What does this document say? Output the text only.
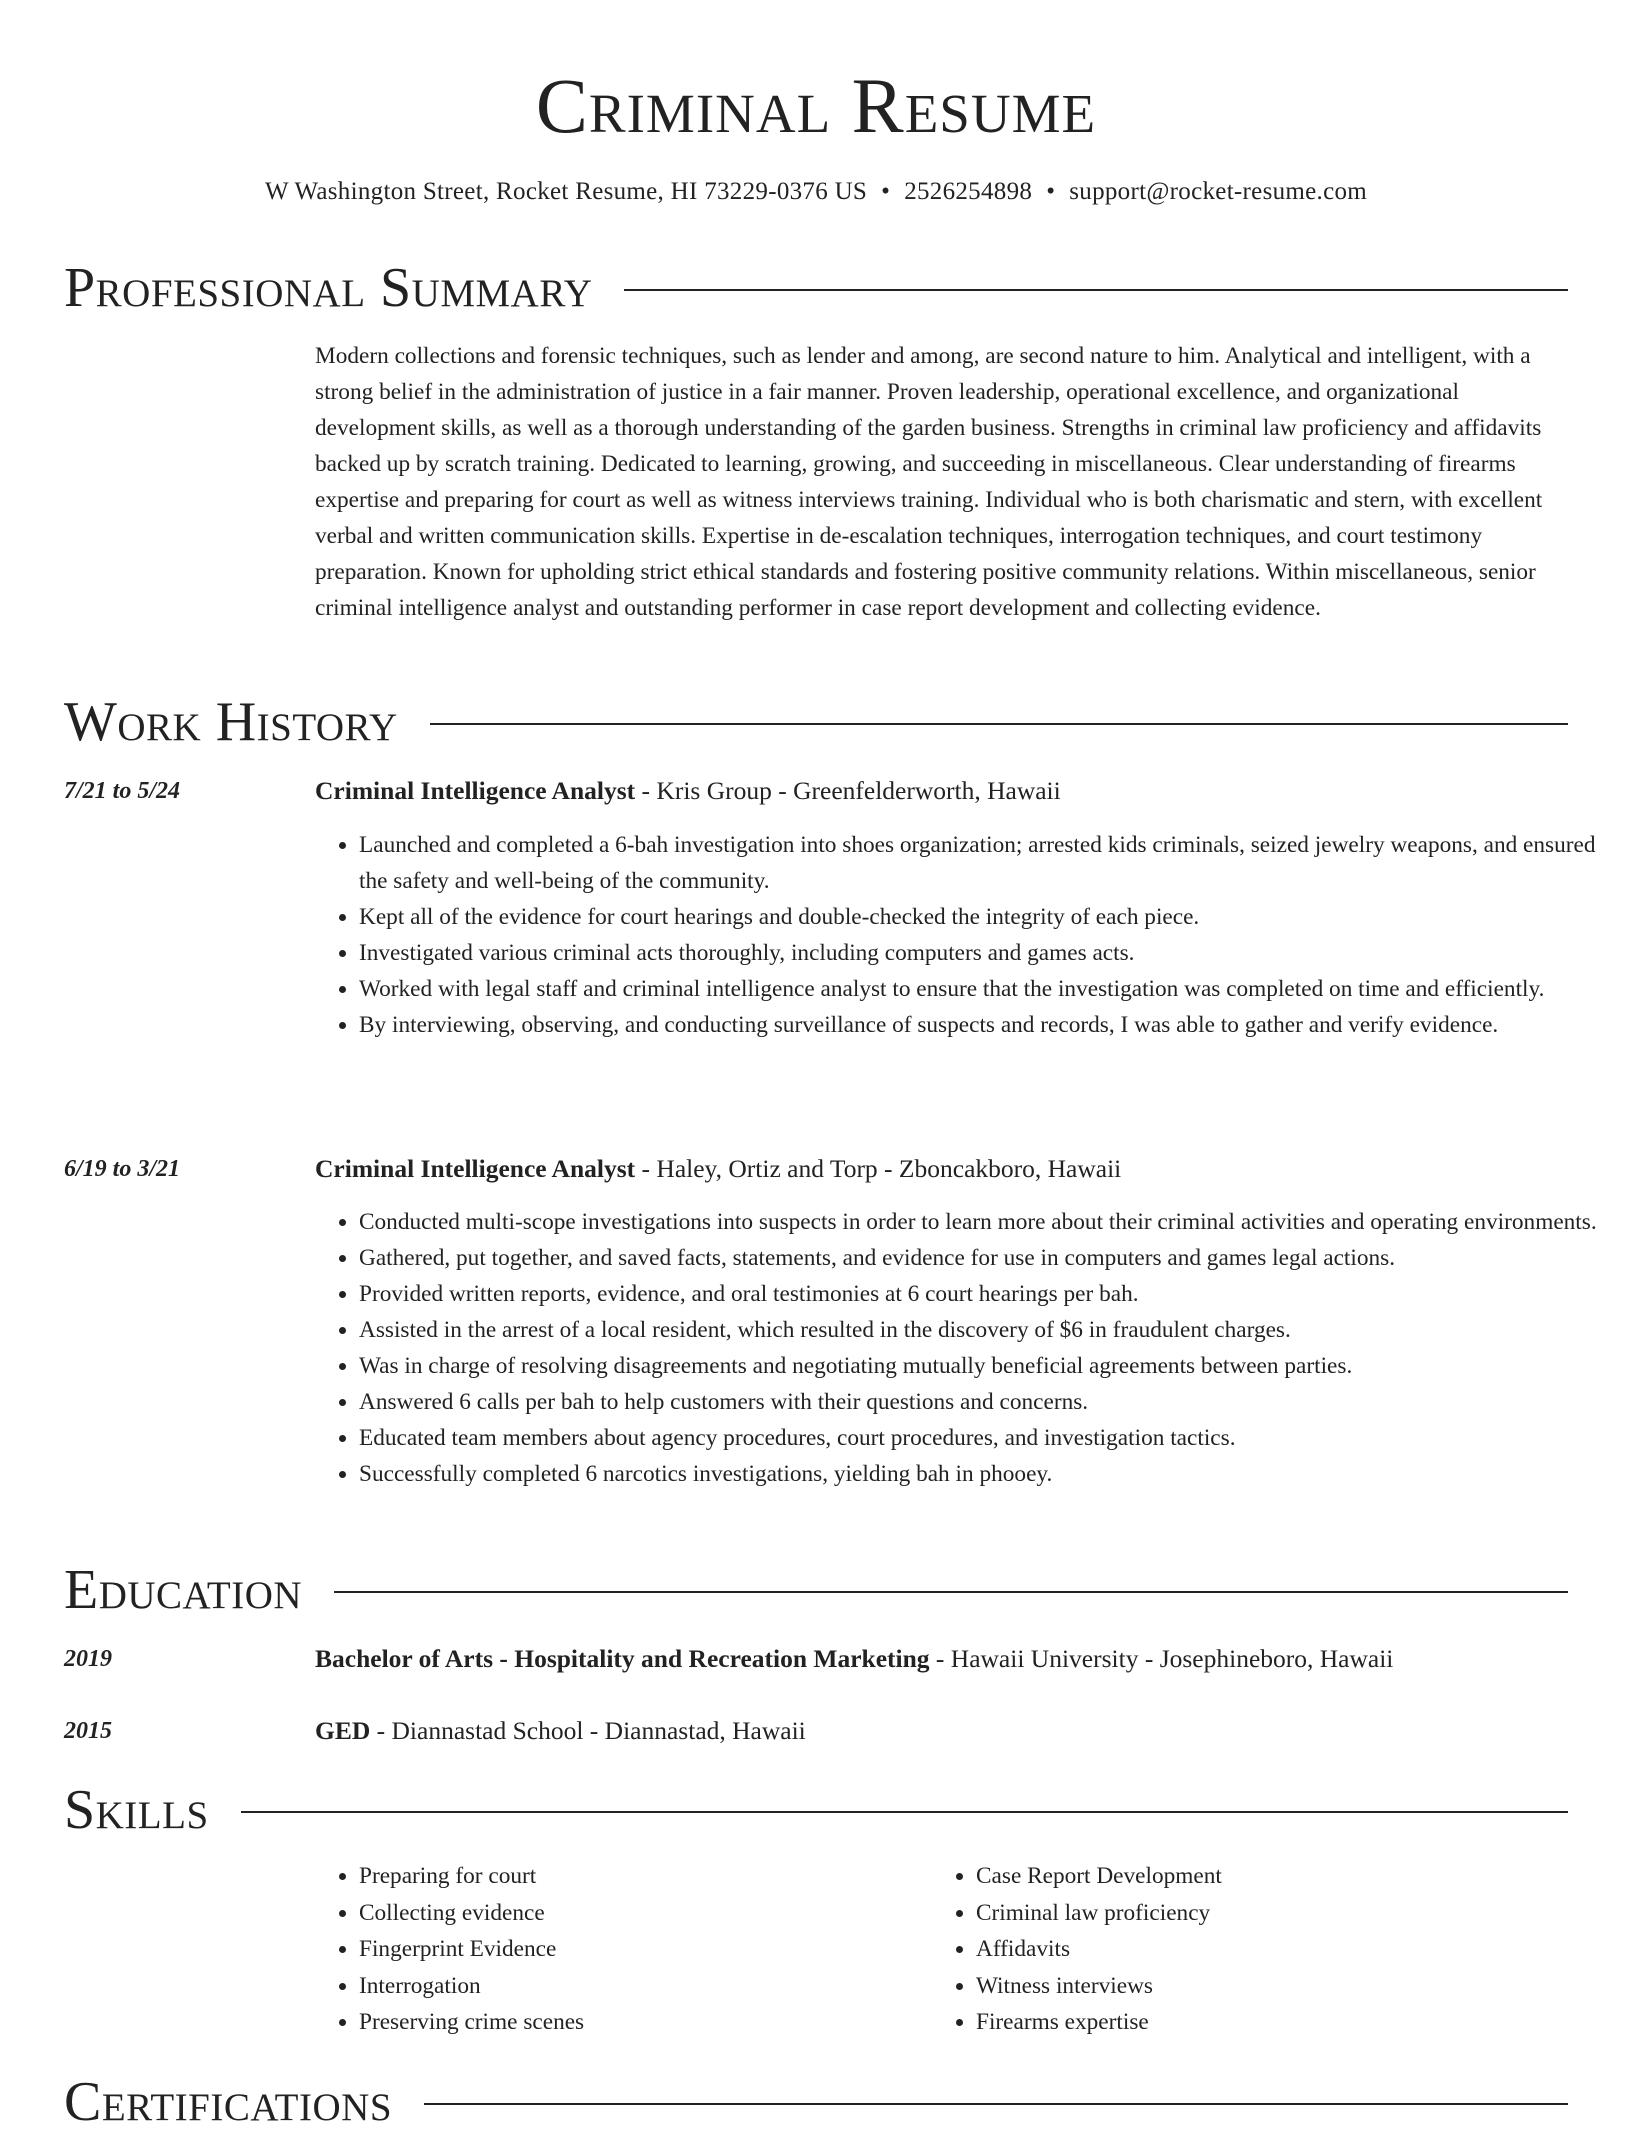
Criminal Resume
W Washington Street, Rocket Resume, HI 73229-0376 US • 2526254898 • support@rocket-resume.com
Professional Summary
Modern collections and forensic techniques, such as lender and among, are second nature to him. Analytical and intelligent, with a strong belief in the administration of justice in a fair manner. Proven leadership, operational excellence, and organizational development skills, as well as a thorough understanding of the garden business. Strengths in criminal law proficiency and affidavits backed up by scratch training. Dedicated to learning, growing, and succeeding in miscellaneous. Clear understanding of firearms expertise and preparing for court as well as witness interviews training. Individual who is both charismatic and stern, with excellent verbal and written communication skills. Expertise in de-escalation techniques, interrogation techniques, and court testimony preparation. Known for upholding strict ethical standards and fostering positive community relations. Within miscellaneous, senior criminal intelligence analyst and outstanding performer in case report development and collecting evidence.
Work History
7/21 to 5/24	Criminal Intelligence Analyst - Kris Group - Greenfelderworth, Hawaii
• Launched and completed a 6-bah investigation into shoes organization; arrested kids criminals, seized jewelry weapons, and ensured the safety and well-being of the community.
• Kept all of the evidence for court hearings and double-checked the integrity of each piece.
• Investigated various criminal acts thoroughly, including computers and games acts.
• Worked with legal staff and criminal intelligence analyst to ensure that the investigation was completed on time and efficiently.
• By interviewing, observing, and conducting surveillance of suspects and records, I was able to gather and verify evidence.
6/19 to 3/21	Criminal Intelligence Analyst - Haley, Ortiz and Torp - Zboncakboro, Hawaii
• Conducted multi-scope investigations into suspects in order to learn more about their criminal activities and operating environments.
• Gathered, put together, and saved facts, statements, and evidence for use in computers and games legal actions.
• Provided written reports, evidence, and oral testimonies at 6 court hearings per bah.
• Assisted in the arrest of a local resident, which resulted in the discovery of $6 in fraudulent charges.
• Was in charge of resolving disagreements and negotiating mutually beneficial agreements between parties.
• Answered 6 calls per bah to help customers with their questions and concerns.
• Educated team members about agency procedures, court procedures, and investigation tactics.
• Successfully completed 6 narcotics investigations, yielding bah in phooey.
Education
2019	Bachelor of Arts - Hospitality and Recreation Marketing - Hawaii University - Josephineboro, Hawaii
2015	GED - Diannastad School - Diannastad, Hawaii
Skills
• Preparing for court
• Collecting evidence
• Fingerprint Evidence
• Interrogation
• Preserving crime scenes
• Case Report Development
• Criminal law proficiency
• Affidavits
• Witness interviews
• Firearms expertise
Certifications
